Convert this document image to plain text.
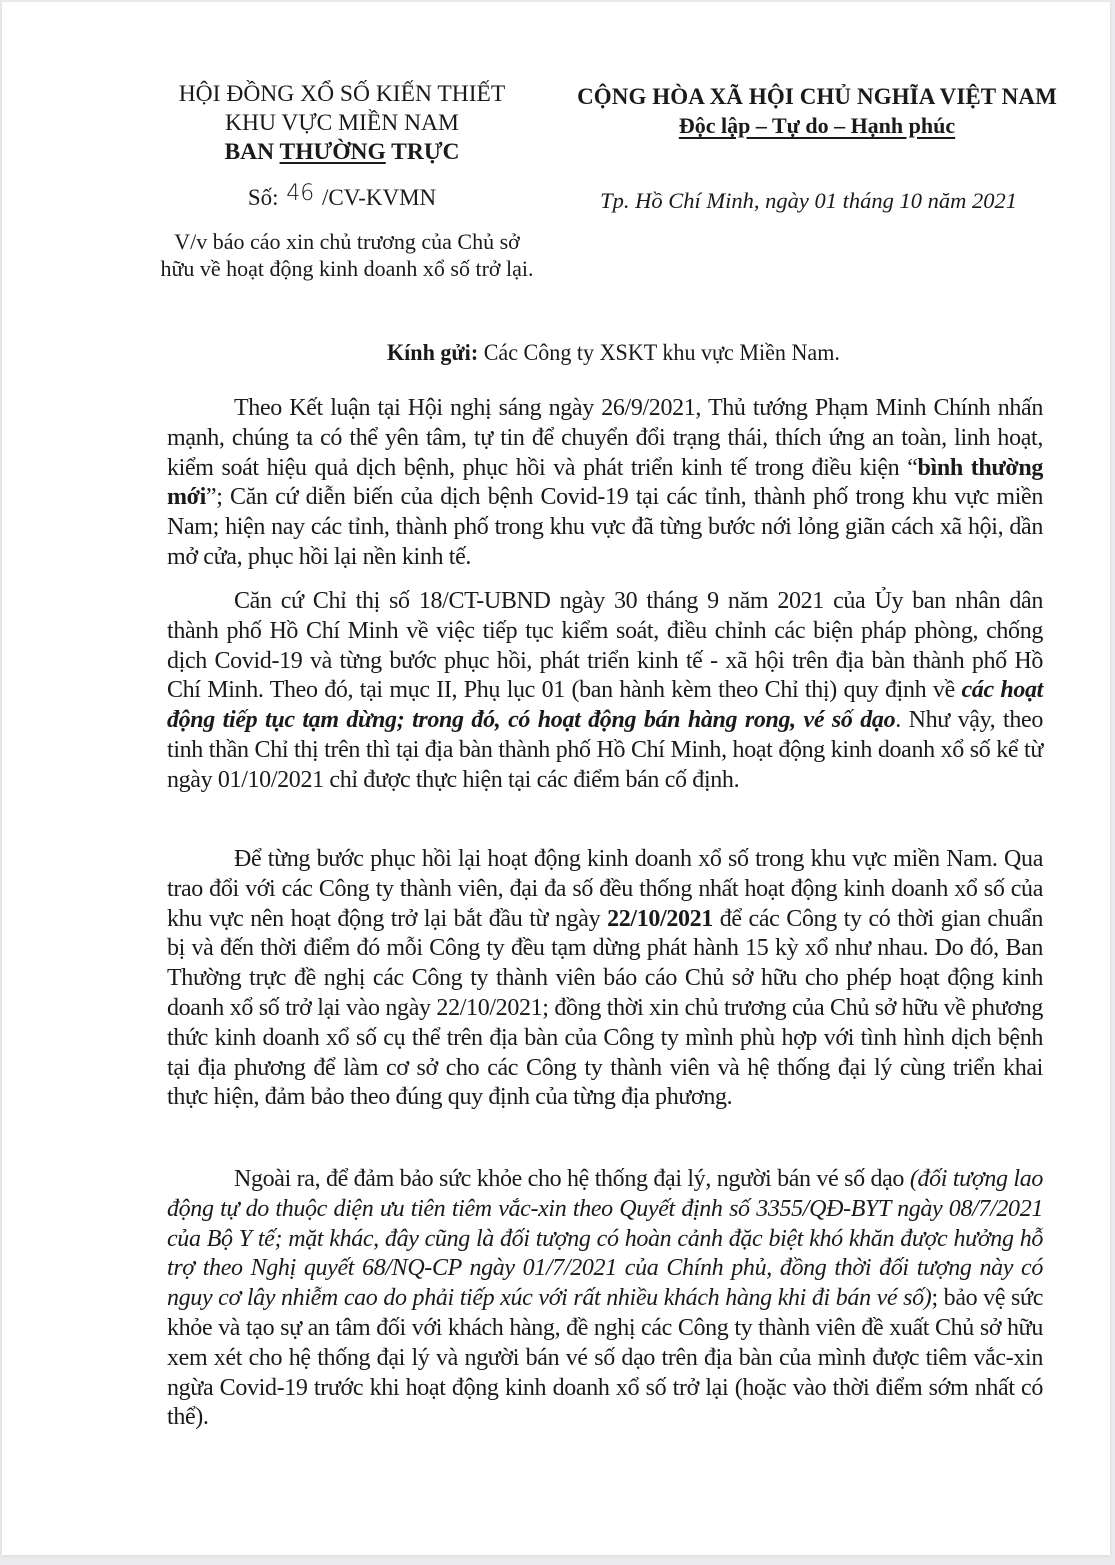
HỘI ĐỒNG XỔ SỐ KIẾN THIẾT
KHU VỰC MIỀN NAM
BAN THƯỜNG TRỰC
CỘNG HÒA XÃ HỘI CHỦ NGHĨA VIỆT NAM
Độc lập – Tự do – Hạnh phúc
Số: 46 /CV-KVMN	Tp. Hồ Chí Minh, ngày 01 tháng 10 năm 2021
V/v báo cáo xin chủ trương của Chủ sở
hữu về hoạt động kinh doanh xổ số trở lại.
Kính gửi: Các Công ty XSKT khu vực Miền Nam.

Theo Kết luận tại Hội nghị sáng ngày 26/9/2021, Thủ tướng Phạm Minh Chính nhấn mạnh, chúng ta có thể yên tâm, tự tin để chuyển đổi trạng thái, thích ứng an toàn, linh hoạt, kiểm soát hiệu quả dịch bệnh, phục hồi và phát triển kinh tế trong điều kiện “bình thường mới”; Căn cứ diễn biến của dịch bệnh Covid-19 tại các tỉnh, thành phố trong khu vực miền Nam; hiện nay các tỉnh, thành phố trong khu vực đã từng bước nới lỏng giãn cách xã hội, dần mở cửa, phục hồi lại nền kinh tế.

Căn cứ Chỉ thị số 18/CT-UBND ngày 30 tháng 9 năm 2021 của Ủy ban nhân dân thành phố Hồ Chí Minh về việc tiếp tục kiểm soát, điều chỉnh các biện pháp phòng, chống dịch Covid-19 và từng bước phục hồi, phát triển kinh tế - xã hội trên địa bàn thành phố Hồ Chí Minh. Theo đó, tại mục II, Phụ lục 01 (ban hành kèm theo Chỉ thị) quy định về các hoạt động tiếp tục tạm dừng; trong đó, có hoạt động bán hàng rong, vé số dạo. Như vậy, theo tinh thần Chỉ thị trên thì tại địa bàn thành phố Hồ Chí Minh, hoạt động kinh doanh xổ số kể từ ngày 01/10/2021 chỉ được thực hiện tại các điểm bán cố định.

Để từng bước phục hồi lại hoạt động kinh doanh xổ số trong khu vực miền Nam. Qua trao đổi với các Công ty thành viên, đại đa số đều thống nhất hoạt động kinh doanh xổ số của khu vực nên hoạt động trở lại bắt đầu từ ngày 22/10/2021 để các Công ty có thời gian chuẩn bị và đến thời điểm đó mỗi Công ty đều tạm dừng phát hành 15 kỳ xổ như nhau. Do đó, Ban Thường trực đề nghị các Công ty thành viên báo cáo Chủ sở hữu cho phép hoạt động kinh doanh xổ số trở lại vào ngày 22/10/2021; đồng thời xin chủ trương của Chủ sở hữu về phương thức kinh doanh xổ số cụ thể trên địa bàn của Công ty mình phù hợp với tình hình dịch bệnh tại địa phương để làm cơ sở cho các Công ty thành viên và hệ thống đại lý cùng triển khai thực hiện, đảm bảo theo đúng quy định của từng địa phương.

Ngoài ra, để đảm bảo sức khỏe cho hệ thống đại lý, người bán vé số dạo (đối tượng lao động tự do thuộc diện ưu tiên tiêm vắc-xin theo Quyết định số 3355/QĐ-BYT ngày 08/7/2021 của Bộ Y tế; mặt khác, đây cũng là đối tượng có hoàn cảnh đặc biệt khó khăn được hưởng hỗ trợ theo Nghị quyết 68/NQ-CP ngày 01/7/2021 của Chính phủ, đồng thời đối tượng này có nguy cơ lây nhiễm cao do phải tiếp xúc với rất nhiều khách hàng khi đi bán vé số); bảo vệ sức khỏe và tạo sự an tâm đối với khách hàng, đề nghị các Công ty thành viên đề xuất Chủ sở hữu xem xét cho hệ thống đại lý và người bán vé số dạo trên địa bàn của mình được tiêm vắc-xin ngừa Covid-19 trước khi hoạt động kinh doanh xổ số trở lại (hoặc vào thời điểm sớm nhất có thể).
